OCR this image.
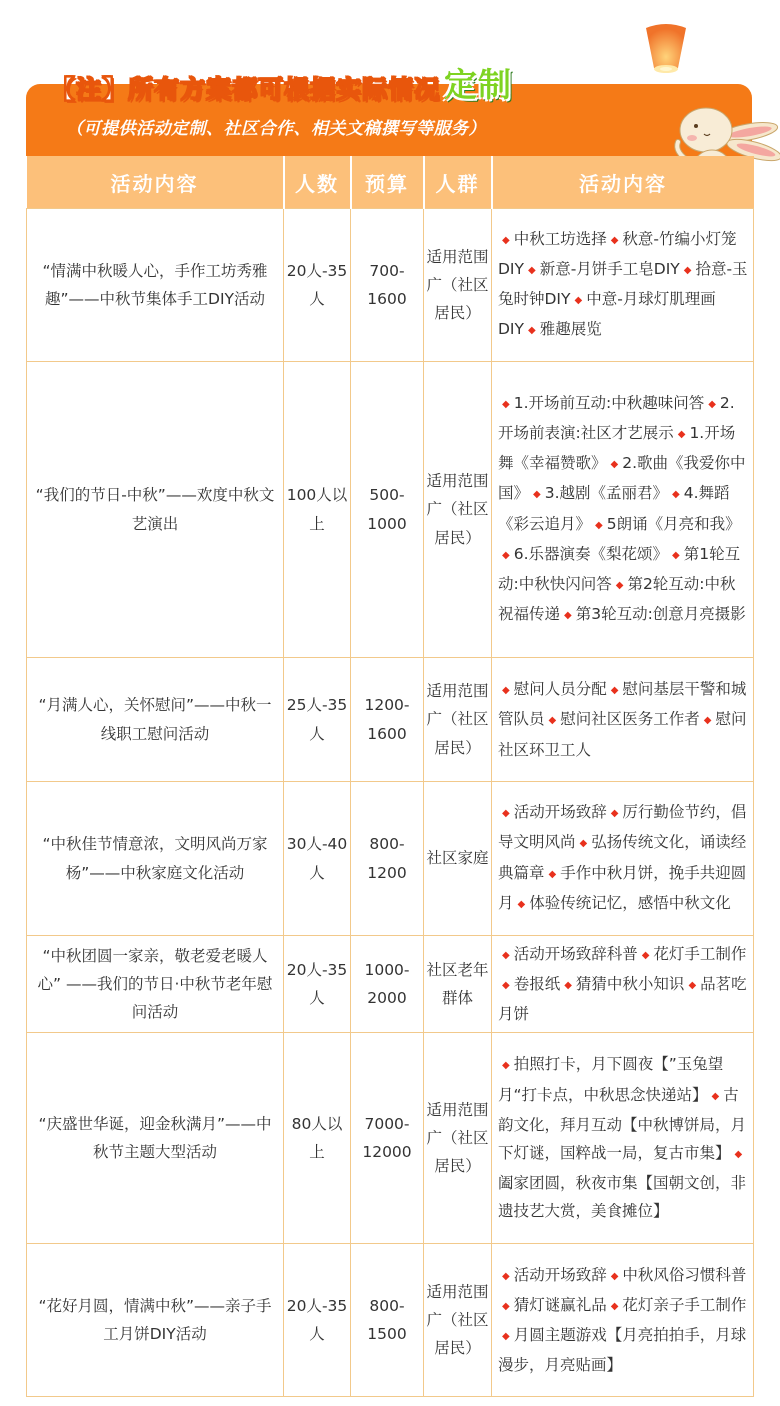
【注】所有方案都可根据实际情况 定制
（可提供活动定制、社区合作、相关文稿撰写等服务）
活动内容	人数	预算	人群	活动内容
“情满中秋暖人心，手作工坊秀雅趣”——中秋节集体手工DIY活动	20人-35人	700-1600	适用范围广（社区居民）	◆ 中秋工坊选择 ◆ 秋意-竹编小灯笼DIY ◆ 新意-月饼手工皂DIY ◆ 拾意-玉兔时钟DIY ◆ 中意-月球灯肌理画DIY ◆ 雅趣展览
“我们的节日-中秋”——欢度中秋文艺演出	100人以上	500-1000	适用范围广（社区居民）	◆ 1.开场前互动:中秋趣味问答 ◆ 2.开场前表演:社区才艺展示 ◆ 1.开场舞《幸福赞歌》 ◆ 2.歌曲《我爱你中国》 ◆ 3.越剧《孟丽君》 ◆ 4.舞蹈《彩云追月》 ◆ 5朗诵《月亮和我》◆ 6.乐器演奏《梨花颂》 ◆ 第1轮互动:中秋快闪问答 ◆ 第2轮互动:中秋祝福传递 ◆ 第3轮互动:创意月亮摄影
“月满人心，关怀慰问”——中秋一线职工慰问活动	25人-35人	1200-1600	适用范围广（社区居民）	◆ 慰问人员分配 ◆ 慰问基层干警和城管队员 ◆ 慰问社区医务工作者 ◆ 慰问社区环卫工人
“中秋佳节情意浓，文明风尚万家杨”——中秋家庭文化活动	30人-40人	800-1200	社区家庭	◆ 活动开场致辞 ◆ 厉行勤俭节约，倡导文明风尚 ◆ 弘扬传统文化，诵读经典篇章 ◆ 手作中秋月饼，挽手共迎圆月 ◆ 体验传统记忆，感悟中秋文化
“中秋团圆一家亲，敬老爱老暖人心” ——我们的节日·中秋节老年慰问活动	20人-35人	1000-2000	社区老年群体	◆ 活动开场致辞科普 ◆ 花灯手工制作◆ 卷报纸 ◆ 猜猜中秋小知识 ◆ 品茗吃月饼
“庆盛世华诞，迎金秋满月”——中秋节主题大型活动	80人以上	7000-12000	适用范围广（社区居民）	◆ 拍照打卡，月下圆夜【”玉兔望月“打卡点，中秋思念快递站】 ◆ 古韵文化，拜月互动【中秋博饼局，月下灯谜，国粹战一局，复古市集】 ◆阖家团圆，秋夜市集【国朝文创，非遗技艺大赏，美食摊位】
“花好月圆，情满中秋”——亲子手工月饼DIY活动	20人-35人	800-1500	适用范围广（社区居民）	◆ 活动开场致辞 ◆ 中秋风俗习惯科普◆ 猜灯谜赢礼品 ◆ 花灯亲子手工制作◆ 月圆主题游戏【月亮拍拍手，月球漫步，月亮贴画】
